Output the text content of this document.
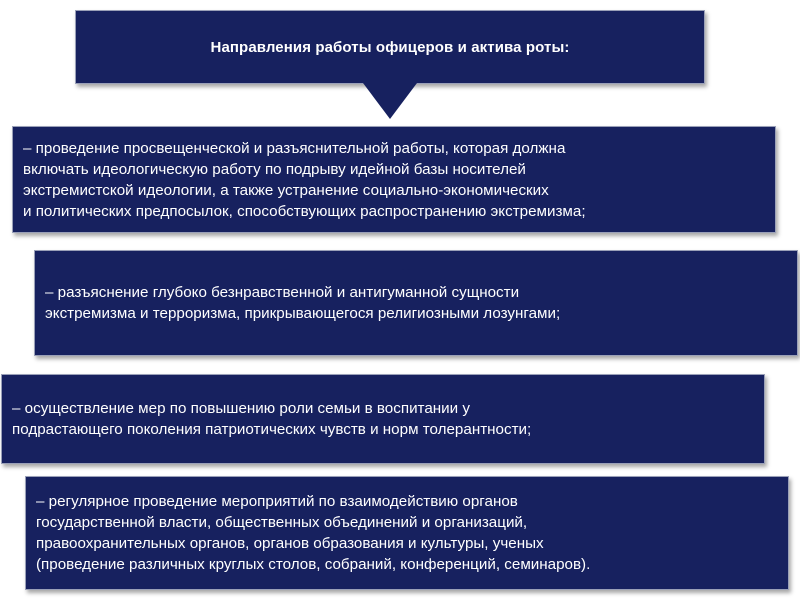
Направления работы офицеров и актива роты:
– проведение просвещенческой и разъяснительной работы, которая должна
включать идеологическую работу по подрыву идейной базы носителей
экстремистской идеологии, а также устранение социально-экономических
и политических предпосылок, способствующих распространению экстремизма;
– разъяснение глубоко безнравственной и антигуманной сущности
экстремизма и терроризма, прикрывающегося религиозными лозунгами;
– осуществление мер по повышению роли семьи в воспитании у
подрастающего поколения патриотических чувств и норм толерантности;
– регулярное проведение мероприятий по взаимодействию органов
государственной власти, общественных объединений и организаций,
правоохранительных органов, органов образования и культуры, ученых
(проведение различных круглых столов, собраний, конференций, семинаров).
